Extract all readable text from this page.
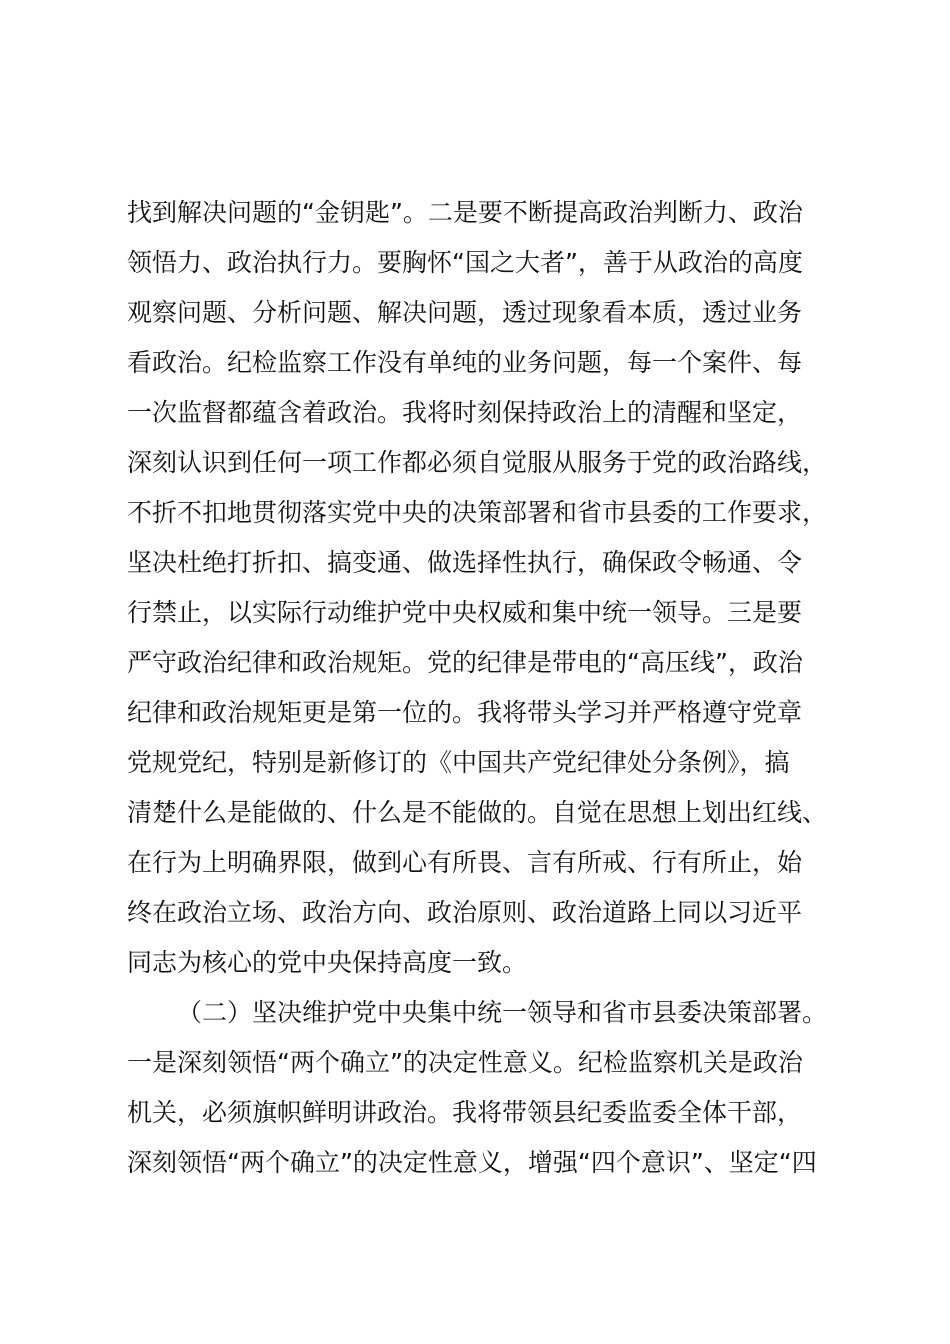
找到解决问题的“金钥匙”。二是要不断提高政治判断力、政治
领悟力、政治执行力。要胸怀“国之大者”，善于从政治的高度
观察问题、分析问题、解决问题，透过现象看本质，透过业务
看政治。纪检监察工作没有单纯的业务问题，每一个案件、每
一次监督都蕴含着政治。我将时刻保持政治上的清醒和坚定，
深刻认识到任何一项工作都必须自觉服从服务于党的政治路线，
不折不扣地贯彻落实党中央的决策部署和省市县委的工作要求，
坚决杜绝打折扣、搞变通、做选择性执行，确保政令畅通、令
行禁止，以实际行动维护党中央权威和集中统一领导。三是要
严守政治纪律和政治规矩。党的纪律是带电的“高压线”，政治
纪律和政治规矩更是第一位的。我将带头学习并严格遵守党章
党规党纪，特别是新修订的《中国共产党纪律处分条例》，搞
清楚什么是能做的、什么是不能做的。自觉在思想上划出红线、
在行为上明确界限，做到心有所畏、言有所戒、行有所止，始
终在政治立场、政治方向、政治原则、政治道路上同以习近平
同志为核心的党中央保持高度一致。
（二）坚决维护党中央集中统一领导和省市县委决策部署。
一是深刻领悟“两个确立”的决定性意义。纪检监察机关是政治
机关，必须旗帜鲜明讲政治。我将带领县纪委监委全体干部，
深刻领悟“两个确立”的决定性意义，增强“四个意识”、坚定“四
